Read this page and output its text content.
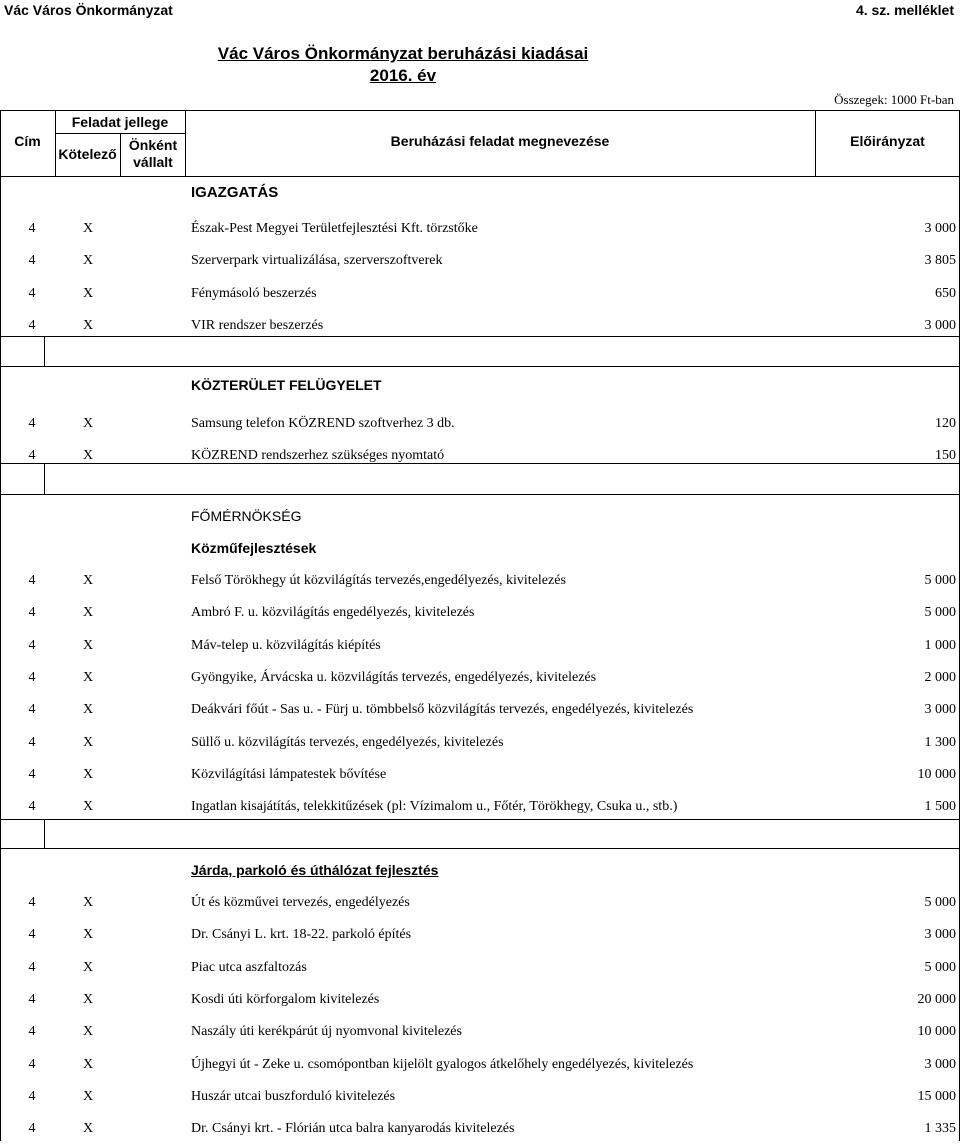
Vác Város Önkormányzat	4. sz. melléklet
Vác Város Önkormányzat beruházási kiadásai
2016. év
Összegek: 1000 Ft-ban
Cím
Feladat jellege
Kötelező
Önként vállalt
Beruházási feladat megnevezése	Előirányzat
IGAZGATÁS
4	X	Észak-Pest Megyei Területfejlesztési Kft. törzstőke	3 000
4	X	Szerverpark virtualizálása, szerverszoftverek	3 805
4	X	Fénymásoló beszerzés	650
4	X	VIR rendszer beszerzés	3 000
KÖZTERÜLET FELÜGYELET
4	X	Samsung telefon KÖZREND szoftverhez 3 db.	120
4	X	KÖZREND rendszerhez szükséges nyomtató	150
FŐMÉRNÖKSÉG
Közműfejlesztések
4	X	Felső Törökhegy út közvilágítás tervezés,engedélyezés, kivitelezés	5 000
4	X	Ambró F. u. közvilágítás engedélyezés, kivitelezés	5 000
4	X	Máv-telep u. közvilágítás kiépítés	1 000
4	X	Gyöngyike, Árvácska u. közvilágítás tervezés, engedélyezés, kivitelezés	2 000
4	X	Deákvári főút - Sas u. - Fürj u. tömbbelső közvilágítás tervezés, engedélyezés, kivitelezés	3 000
4	X	Süllő u. közvilágítás tervezés, engedélyezés, kivitelezés	1 300
4	X	Közvilágítási lámpatestek bővítése	10 000
4	X	Ingatlan kisajátítás, telekkitűzések (pl: Vízimalom u., Főtér, Törökhegy, Csuka u., stb.)	1 500
Járda, parkoló és úthálózat fejlesztés
4	X	Út és közművei tervezés, engedélyezés	5 000
4	X	Dr. Csányi L. krt. 18-22. parkoló építés	3 000
4	X	Piac utca aszfaltozás	5 000
4	X	Kosdi úti körforgalom kivitelezés	20 000
4	X	Naszály úti kerékpárút új nyomvonal kivitelezés	10 000
4	X	Újhegyi út - Zeke u. csomópontban kijelölt gyalogos átkelőhely engedélyezés, kivitelezés	3 000
4	X	Huszár utcai buszforduló kivitelezés	15 000
4	X	Dr. Csányi krt. - Flórián utca balra kanyarodás kivitelezés	1 335
